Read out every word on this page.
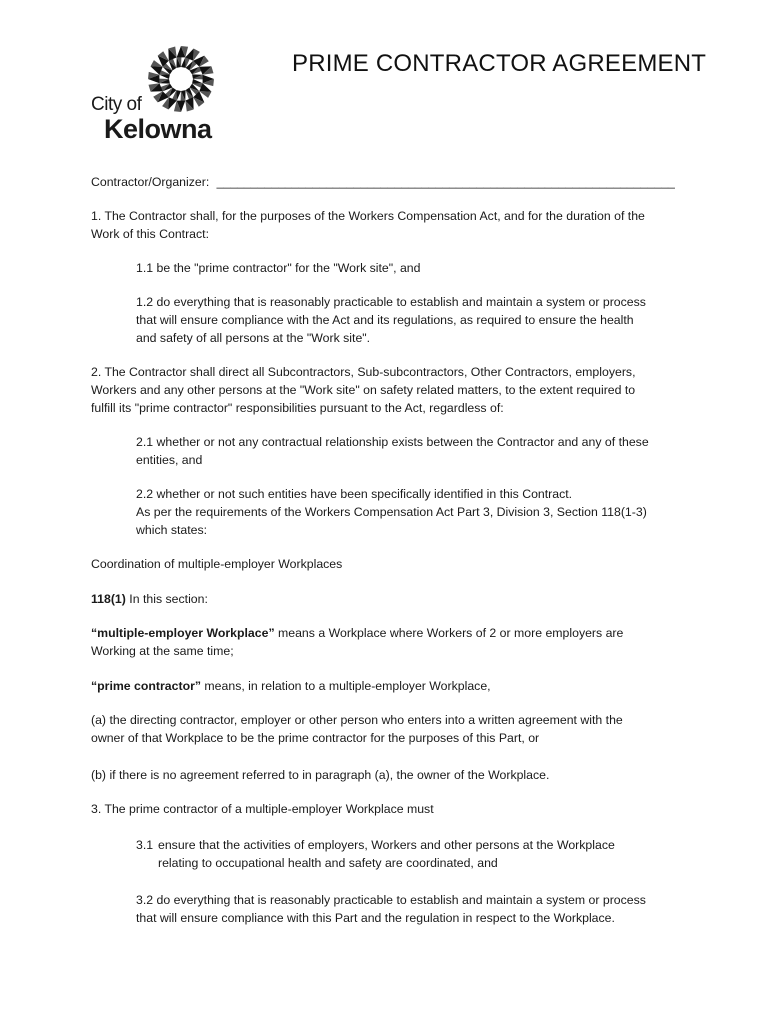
City of
Kelowna
PRIME CONTRACTOR AGREEMENT
Contractor/Organizer: ___________________________________________________________________
1. The Contractor shall, for the purposes of the Workers Compensation Act, and for the duration of the
Work of this Contract:
1.1 be the "prime contractor" for the "Work site", and
1.2 do everything that is reasonably practicable to establish and maintain a system or process
that will ensure compliance with the Act and its regulations, as required to ensure the health
and safety of all persons at the "Work site".
2. The Contractor shall direct all Subcontractors, Sub-subcontractors, Other Contractors, employers,
Workers and any other persons at the "Work site" on safety related matters, to the extent required to
fulfill its "prime contractor" responsibilities pursuant to the Act, regardless of:
2.1 whether or not any contractual relationship exists between the Contractor and any of these
entities, and
2.2 whether or not such entities have been specifically identified in this Contract.
As per the requirements of the Workers Compensation Act Part 3, Division 3, Section 118(1-3)
which states:
Coordination of multiple-employer Workplaces
118(1) In this section:
“multiple-employer Workplace” means a Workplace where Workers of 2 or more employers are
Working at the same time;
“prime contractor” means, in relation to a multiple-employer Workplace,
(a) the directing contractor, employer or other person who enters into a written agreement with the
owner of that Workplace to be the prime contractor for the purposes of this Part, or
(b) if there is no agreement referred to in paragraph (a), the owner of the Workplace.
3. The prime contractor of a multiple-employer Workplace must
3.1 ensure that the activities of employers, Workers and other persons at the Workplace
relating to occupational health and safety are coordinated, and
3.2 do everything that is reasonably practicable to establish and maintain a system or process
that will ensure compliance with this Part and the regulation in respect to the Workplace.
